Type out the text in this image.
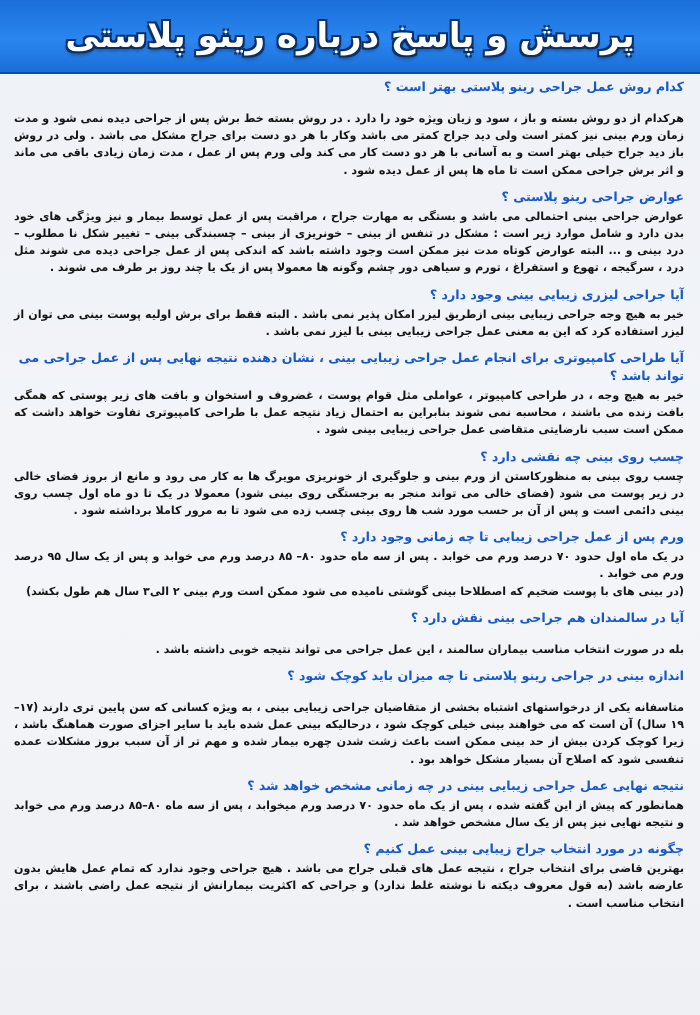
پرسش و پاسخ درباره رینو پلاستی
کدام روش عمل جراحی رینو پلاستی بهتر است ؟

هرکدام از دو روش بسته و باز ، سود و زیان ویژه خود را دارد . در روش بسته خط برش پس از جراحی دیده نمی شود و مدت زمان ورم بینی نیز کمتر است ولی دید جراح کمتر می باشد وکار با هر دو دست برای جراح مشکل می باشد . ولی در روش باز دید جراح خیلی بهتر است و به آسانی با هر دو دست کار می کند ولی ورم پس از عمل ، مدت زمان زیادی باقی می ماند و اثر برش جراحی ممکن است تا ماه ها پس از عمل دیده شود .

عوارض جراحی رینو پلاستی ؟

عوارض جراحی بینی احتمالی می باشد و بستگی به مهارت جراح ، مراقبت پس از عمل توسط بیمار و نیز ویژگی های خود بدن دارد و شامل موارد زیر است : مشکل در تنفس از بینی – خونریزی از بینی – چسبندگی بینی – تغییر شکل نا مطلوب – درد بینی و ... البته عوارض کوتاه مدت نیز ممکن است وجود داشته باشد که اندکی پس از عمل جراحی دیده می شوند مثل درد ، سرگیجه ، تهوع و استفراغ ، تورم و سیاهی دور چشم وگونه ها معمولا پس از یک یا چند روز بر طرف می شوند .

آیا جراحی لیزری زیبایی بینی وجود دارد ؟

خیر به هیچ وجه جراحی زیبایی بینی ازطریق لیزر امکان پذیر نمی باشد . البته فقط برای برش اولیه پوست بینی می توان از لیزر استفاده کرد که این به معنی عمل جراحی زیبایی بینی با لیزر نمی باشد .

آیا طراحی کامپیوتری برای انجام عمل جراحی زیبایی بینی ، نشان دهنده نتیجه نهایی پس از عمل جراحی می تواند باشد ؟

خیر به هیچ وجه ، در طراحی کامپیوتر ، عواملی مثل قوام پوست ، غضروف و استخوان و بافت های زیر پوستی که همگی بافت زنده می باشند ، محاسبه نمی شوند بنابراین به احتمال زیاد نتیجه عمل با طراحی کامپیوتری تفاوت خواهد داشت که ممکن است سبب نارضایتی متقاضی عمل جراحی زیبایی بینی شود .

چسب روی بینی چه نقشی دارد ؟

چسب روی بینی به منظورکاستن از ورم بینی و جلوگیری از خونریزی مویرگ ها به کار می رود و مانع از بروز فضای خالی در زیر پوست می شود (فضای خالی می تواند منجر به برجستگی روی بینی شود) معمولا در یک تا دو ماه اول چسب روی بینی دائمی است و پس از آن بر حسب مورد شب ها روی بینی چسب زده می شود تا به مرور کاملا برداشته شود .

ورم پس از عمل جراحی زیبایی تا چه زمانی وجود دارد ؟

در یک ماه اول حدود ۷۰ درصد ورم می خوابد . پس از سه ماه حدود ۸۰– ۸۵ درصد ورم می خوابد و پس از یک سال ۹۵ درصد ورم می خوابد .

(در بینی های با پوست ضخیم که اصطلاحا بینی گوشتی نامیده می شود ممکن است ورم بینی ۲ الی۳ سال هم طول بکشد)

آیا در سالمندان هم جراحی بینی نقش دارد ؟

بله در صورت انتخاب مناسب بیماران سالمند ، این عمل جراحی می تواند نتیجه خوبی داشته باشد .

اندازه بینی در جراحی رینو پلاستی تا چه میزان باید کوچک شود ؟

متاسفانه یکی از درخواستهای اشتباه بخشی از متقاضیان جراحی زیبایی بینی ، به ویژه کسانی که سن پایین تری دارند (۱۷–۱۹ سال) آن است که می خواهند بینی خیلی کوچک شود ، درحالیکه بینی عمل شده باید با سایر اجزای صورت هماهنگ باشد ، زیرا کوچک کردن بیش از حد بینی ممکن است باعث زشت شدن چهره بیمار شده و مهم تر از آن سبب بروز مشکلات عمده تنفسی شود که اصلاح آن بسیار مشکل خواهد بود .

نتیجه نهایی عمل جراحی زیبایی بینی در چه زمانی مشخص خواهد شد ؟

همانطور که پیش از این گفته شده ، پس از یک ماه حدود ۷۰ درصد ورم میخوابد ، پس از سه ماه ۸۰–۸۵ درصد ورم می خوابد و نتیجه نهایی نیز پس از یک سال مشخص خواهد شد .

چگونه در مورد انتخاب جراح زیبایی بینی عمل کنیم ؟

بهترین قاضی برای انتخاب جراح ، نتیجه عمل های قبلی جراح می باشد . هیچ جراحی وجود ندارد که تمام عمل هایش بدون عارضه باشد (به قول معروف دیکته نا نوشته غلط ندارد) و جراحی که اکثریت بیمارانش از نتیجه عمل راضی باشند ، برای انتخاب مناسب است .
